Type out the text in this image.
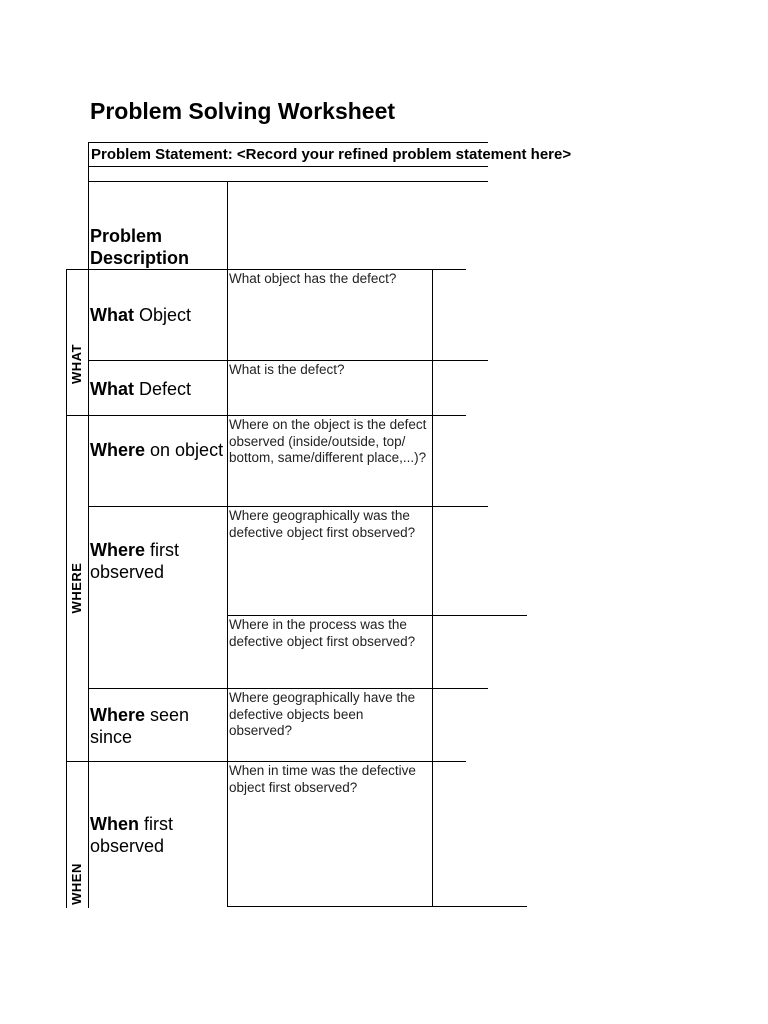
Problem Solving Worksheet
Problem Statement: <Record your refined problem statement here>
Problem Description
WHAT
WHERE
WHEN
What Object
What object has the defect?
What Defect
What is the defect?
Where on object
Where on the object is the defect observed (inside/outside, top/ bottom, same/different place,...)?
Where first observed
Where geographically was the defective object first observed?
Where in the process was the defective object first observed?
Where seen since
Where geographically have the defective objects been observed?
When first observed
When in time was the defective object first observed?
